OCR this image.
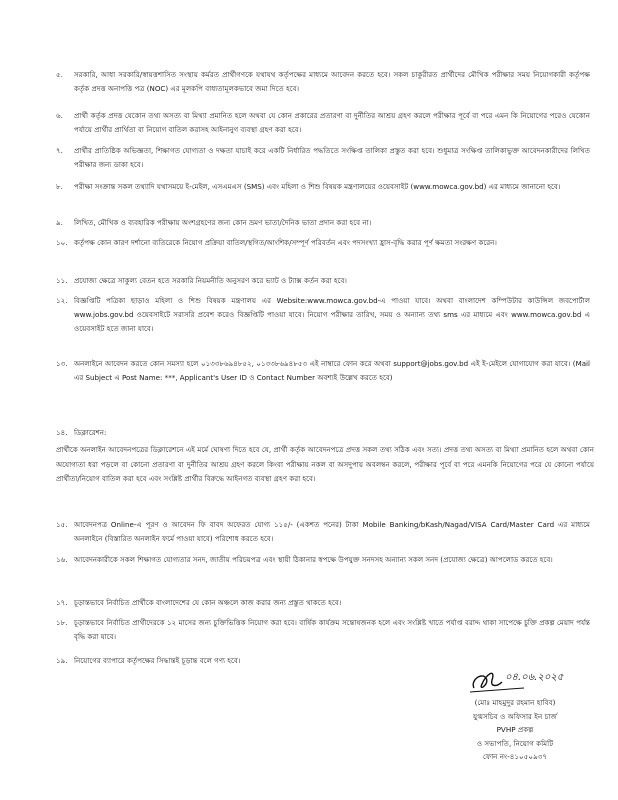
৫.	সরকারি, আধা সরকারি/স্বায়ত্তশাসিত সংস্থায় কর্মরত প্রার্থীগণকে যথাযথ কর্তৃপক্ষের মাধ্যমে আবেদন করতে হবে। সকল চাকুরীরত প্রার্থীদের মৌখিক পরীক্ষার সময় নিয়োগকারী কর্তৃপক্ষ কর্তৃক প্রদত্ত অনাপত্তি পত্র (NOC) এর মূলকপি বাধ্যতামূলকভাবে জমা দিতে হবে।
৬.	প্রার্থী কর্তৃক প্রদত্ত যেকোন তথ্য অসত্য বা মিথ্যা প্রমানিত হলে অথবা যে কোন প্রকারের প্রতারণা বা দুর্নীতির আশ্রয় গ্রহণ করলে পরীক্ষার পূর্বে বা পরে এমন কি নিয়োগের পরেও যেকোন পর্যায়ে প্রার্থীর প্রার্থিতা বা নিয়োগ বাতিল করাসহ আইনানুগ ব্যবস্থা গ্রহণ করা হবে।
৭.	প্রার্থীর প্রাতিষ্ঠিক অভিজ্ঞতা, শিক্ষাগত যোগ্যতা ও দক্ষতা যাচাই করে একটি নির্ধারিত পদ্ধতিতে সংক্ষিপ্ত তালিকা প্রস্তুত করা হবে। শুধুমাত্র সংক্ষিপ্ত তালিকাভুক্ত আবেদনকারীদের লিখিত পরীক্ষার জন্য ডাকা হবে।
৮.	পরীক্ষা সংক্রান্ত সকল তথ্যাদি যথাসময়ে ই-মেইল, এসএমএস (SMS) এবং মহিলা ও শিশু বিষয়ক মন্ত্রণালয়ের ওয়েবসাইট (www.mowca.gov.bd) এর মাধ্যমে জানানো হবে।
৯.	লিখিত, মৌখিক ও ব্যবহারিক পরীক্ষায় অংশগ্রহণের জন্য কোন ভ্রমণ ভাতা/দৈনিক ভাতা প্রদান করা হবে না।
১০. কর্তৃপক্ষ কোন কারণ দর্শানো ব্যতিরেকে নিয়োগ প্রক্রিয়া বাতিল/স্থগিত/আংশিক/সম্পূর্ণ পরিবর্তন এবং পদসংখ্যা হ্রাস-বৃদ্ধি করার পূর্ণ ক্ষমতা সংরক্ষণ করেন।
১১. প্রযোজ্য ক্ষেত্রে সাকুল্য বেতন হতে সরকারি নিয়মনীতি অনুসরণ করে ভ্যাট ও ট্যাক্স কর্তন করা হবে।
১২. বিজ্ঞপ্তিটি পত্রিকা ছাড়াও মহিলা ও শিশু বিষয়ক মন্ত্রণালয় এর Website:www.mowca.gov.bd-এ পাওয়া যাবে। অথবা বাংলাদেশ কম্পিউটার কাউন্সিল জবপোর্টাল www.jobs.gov.bd ওয়েবসাইটে সরাসরি প্রবেশ করেও বিজ্ঞপ্তিটি পাওয়া যাবে। নিয়োগ পরীক্ষার তারিখ, সময় ও অন্যান্য তথ্য sms এর মাধ্যমে এবং www.mowca.gov.bd এ ওয়েবসাইট হতে জানা যাবে।
১৩. অনলাইনে আবেদন করতে কোন সমস্যা হলে ০১৩৩৮৬৯৪৮৫২, ০১৩৩৮৬৯৪৮৫৩ এই নাম্বারে ফোন করে অথবা support@jobs.gov.bd এই ই-মেইলে যোগাযোগ করা যাবে। (Mail এর Subject এ Post Name: ***, Applicant's User ID ও Contact Number অবশ্যই উল্লেখ করতে হবে)
১৪. ডিক্লারেশন:
প্রার্থীকে অনলাইন আবেদনপত্রের ডিক্লারেশনে এই মর্মে ঘোষণা দিতে হবে যে, প্রার্থী কর্তৃক আবেদনপত্রে প্রদত্ত সকল তথ্য সঠিক এবং সত্য। প্রদত্ত তথ্য অসত্য বা মিথ্যা প্রমানিত হলে অথবা কোন অযোগ্যতা ধরা পড়লে বা কোনো প্রতারণা বা দুর্নীতির আশ্রয় গ্রহণ করলে কিংবা পরীক্ষায় নকল বা অসদুপায় অবলম্বন করলে, পরীক্ষার পূর্বে বা পরে এমনকি নিয়োগের পরে যে কোনো পর্যায়ে প্রার্থীতা/নিয়োগ বাতিল করা হবে এবং সংশ্লিষ্ট প্রার্থীর বিরুদ্ধে আইনগত ব্যবস্থা গ্রহণ করা হবে।
১৫. আবেদনপত্র Online-এ পূরণ ও আবেদন ফি বাবদ অফেরত যোগ্য ১১৫/- (একশত পনের) টাকা Mobile Banking/bKash/Nagad/VISA Card/Master Card এর মাধ্যমে অনলাইনে (বিস্তারিত অনলাইন ফর্মে পাওয়া যাবে) পরিশোধ করতে হবে।
১৬. আবেদনকারীকে সকল শিক্ষাগত যোগ্যতার সনদ, জাতীয় পরিচয়পত্র এবং স্থায়ী ঠিকানার স্বপক্ষে উপযুক্ত সনদসহ অন্যান্য সকল সনদ (প্রযোজ্য ক্ষেত্রে) আপলোড করতে হবে।
১৭. চূড়ান্তভাবে নির্বাচিত প্রার্থীকে বাংলাদেশের যে কোন অঞ্চলে কাজ করার জন্য প্রস্তুত থাকতে হবে।
১৮. চূড়ান্তভাবে নির্বাচিত প্রার্থীদেরকে ১২ মাসের জন্য চুক্তিভিত্তিক নিয়োগ করা হবে। বার্ষিক কার্যক্রম সন্তোষজনক হলে এবং সংশ্লিষ্ট খাতে পর্যাপ্ত বরাদ্দ থাকা সাপেক্ষে চুক্তি প্রকল্প মেয়াদ পর্যন্ত বৃদ্ধি করা যাবে।
১৯. নিয়োগের ব্যাপারে কর্তৃপক্ষের সিদ্ধান্তই চূড়ান্ত বলে গণ্য হবে।
০৪.০৬.২০২৫
(মোঃ মাহমুদুর রহমান হাবিব)
যুগ্মসচিব ও অফিসার ইন চার্জ
PVHP প্রকল্প
ও সভাপতি, নিয়োগ কমিটি
ফোন নং-৪১০৫০৯৩৭
